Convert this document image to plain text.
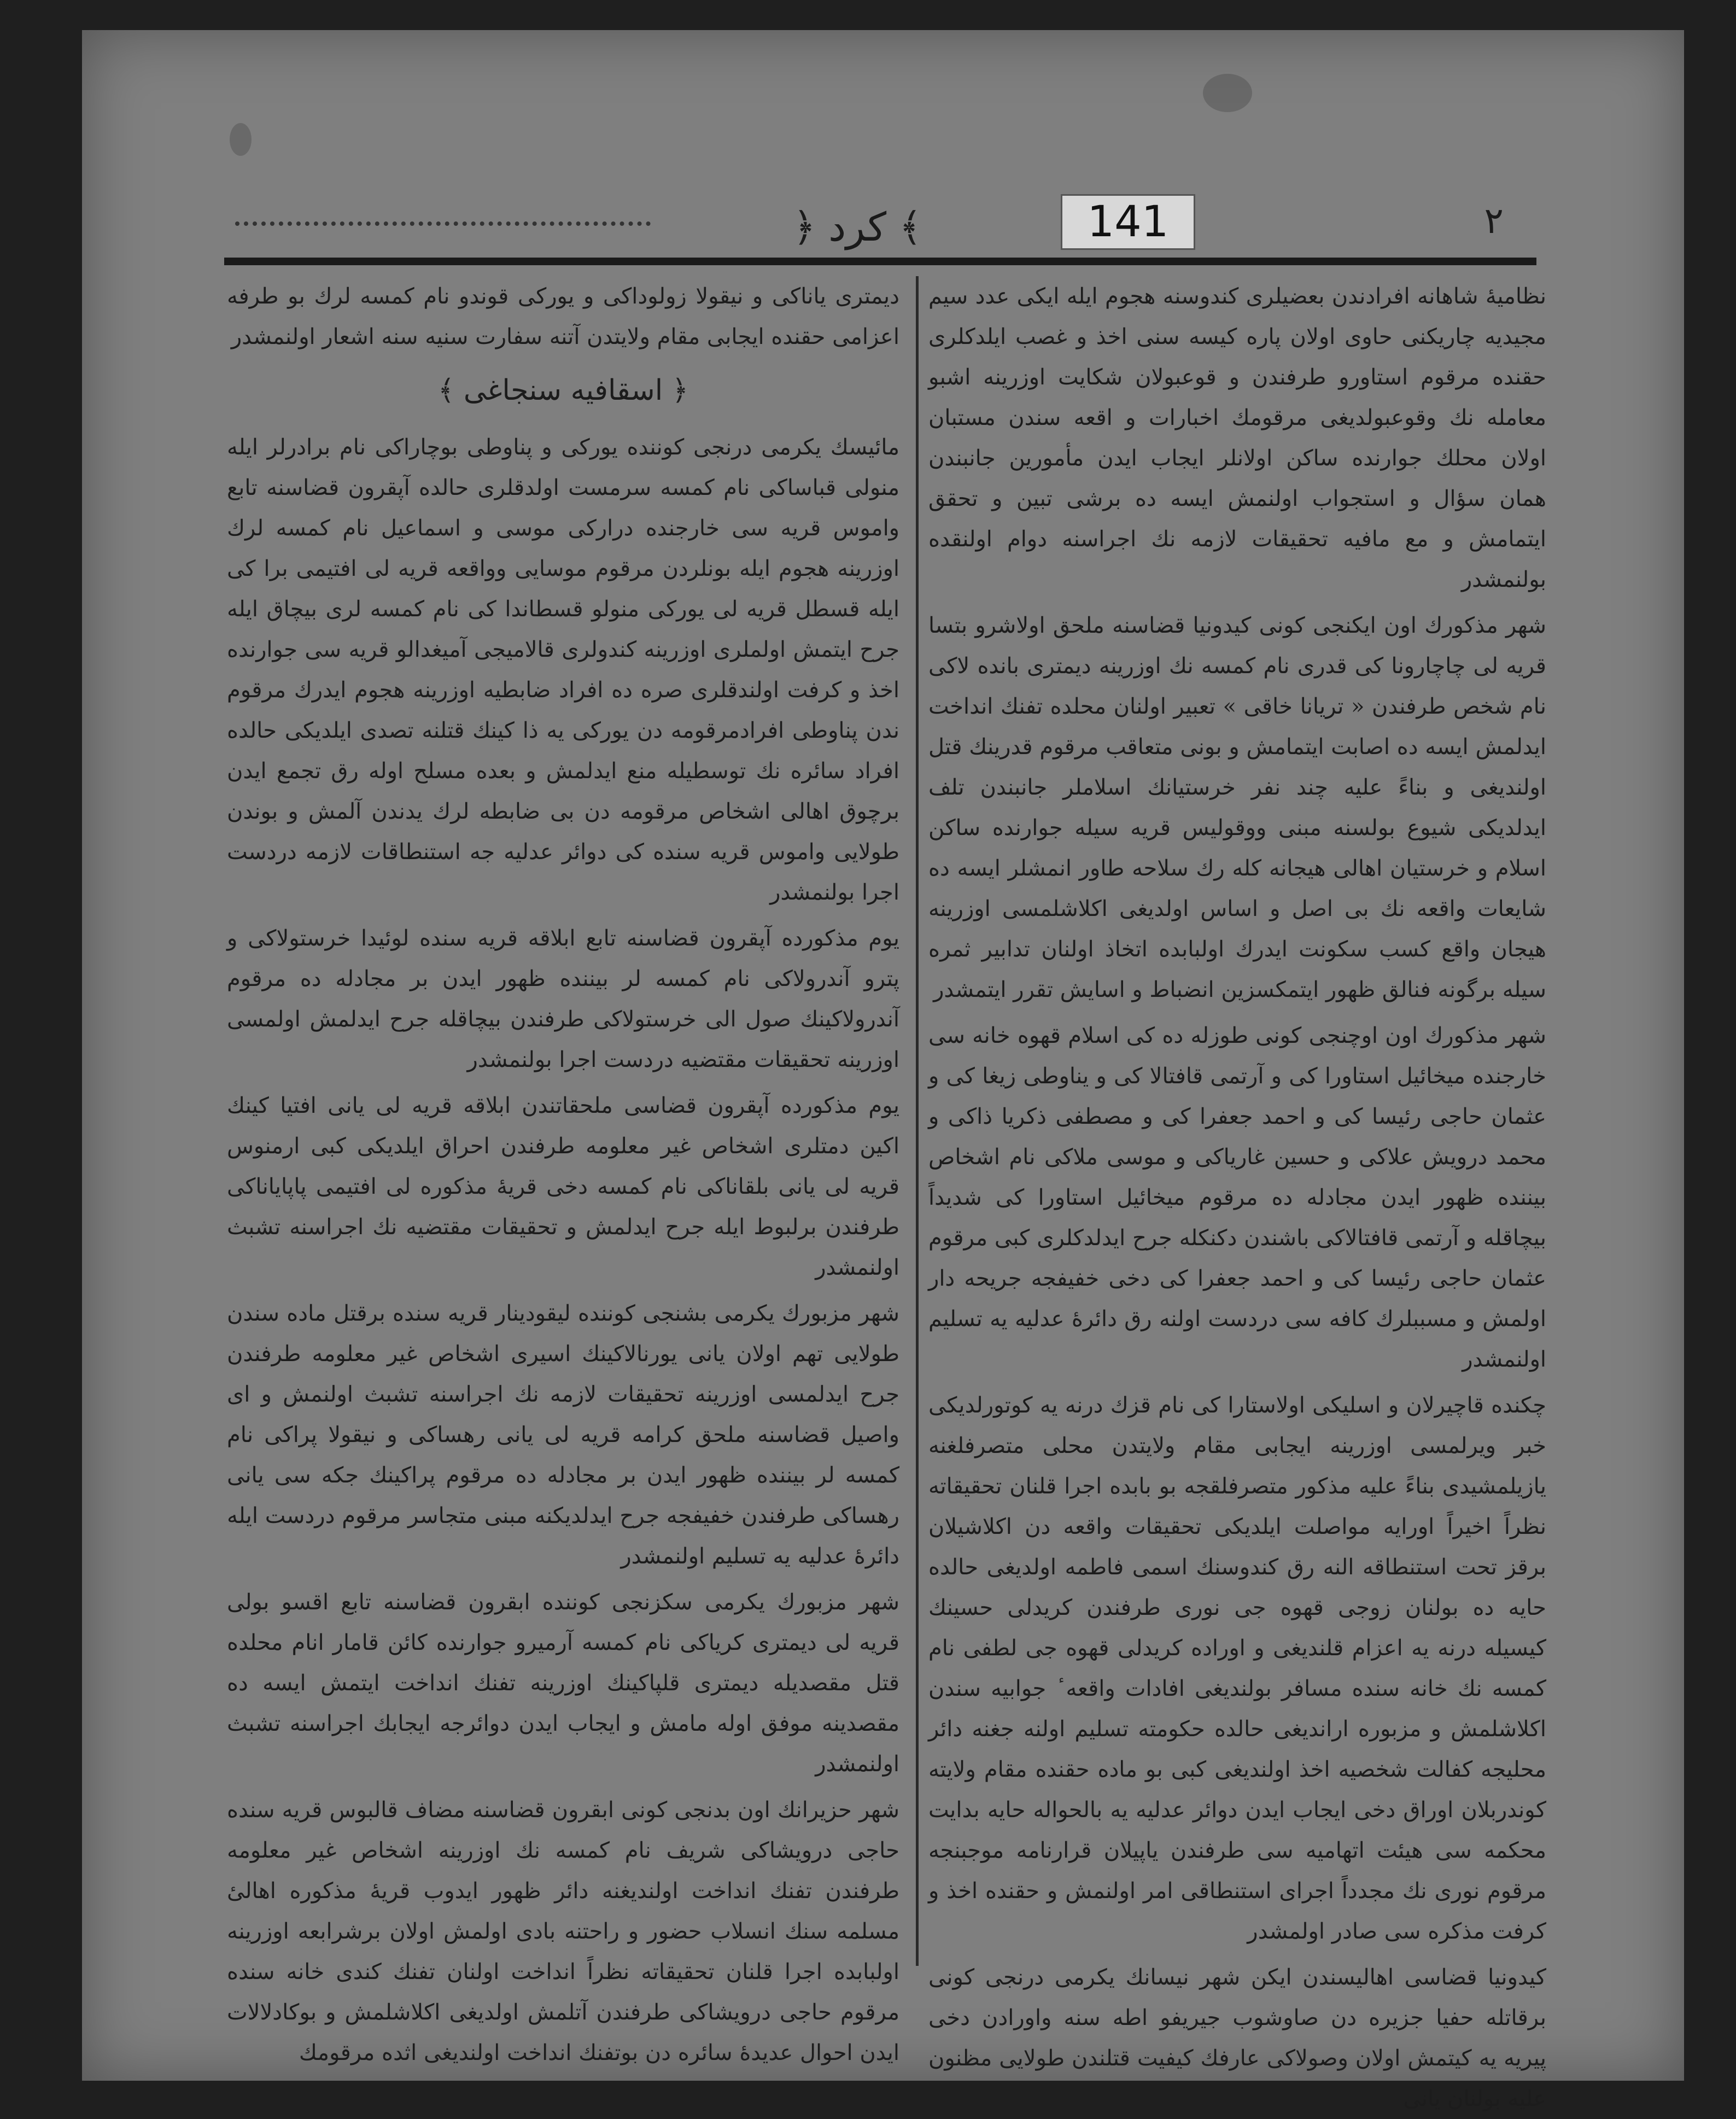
﴾ کرد ﴿	141	٢

نظامیهٔ شاهانه افرادندن بعضیلری کندوسنه هجوم ایله ایکی عدد سیم مجیدیه چاریکنی حاوی اولان پاره کیسه سنی اخذ و غصب ایلدکلری حقنده مرقوم استاورو طرفندن و قوعبولان شکایت اوزرینه اشبو معامله نك وقوعبولدیغی مرقومك اخبارات و اقعه سندن مستبان اولان محلك جوارنده ساکن اولانلر ایجاب ایدن مأمورین جانبندن همان سؤال و استجواب اولنمش ایسه ده برشی تبین و تحقق ایتمامش و مع مافیه تحقیقات لازمه نك اجراسنه دوام اولنقده بولنمشدر

شهر مذکورك اون ایکنجی کونی کیدونیا قضاسنه ملحق اولاشرو بتسا قریه لی چاچارونا کی قدری نام کمسه نك اوزرینه دیمتری بانده لاکی نام شخص طرفندن « تریانا خاقی » تعبیر اولنان محلده تفنك انداخت ایدلمش ایسه ده اصابت ایتمامش و بونی متعاقب مرقوم قدرینك قتل اولندیغی و بناءً علیه چند نفر خرستیانك اسلاملر جانبندن تلف ایدلدیکی شیوع بولسنه مبنی ووقولیس قریه سیله جوارنده ساکن اسلام و خرستیان اهالی هیجانه کله رك سلاحه طاور انمشلر ایسه ده شایعات واقعه نك بی اصل و اساس اولدیغی اکلاشلمسی اوزرینه هیجان واقع کسب سکونت ایدرك اولبابده اتخاذ اولنان تدابیر ثمره سیله برگونه فنالق ظهور ایتمکسزین انضباط و اسایش تقرر ایتمشدر

شهر مذکورك اون اوچنجی کونی طوزله ده کی اسلام قهوه خانه سی خارجنده میخائیل استاورا کی و آرتمی قافتالا کی و یناوطی زیغا کی و عثمان حاجی رئیسا کی و احمد جعفرا کی و مصطفی ذکریا ذاکی و محمد درویش علاکی و حسین غاریاکی و موسی ملاکی نام اشخاص بیننده ظهور ایدن مجادله ده مرقوم میخائیل استاورا کی شدیداً بیچاقله و آرتمی قافتالاکی باشندن دکنکله جرح ایدلدکلری کبی مرقوم عثمان حاجی رئیسا کی و احمد جعفرا کی دخی خفیفجه جریحه دار اولمش و مسببلرك کافه سی دردست اولنه رق دائرهٔ عدلیه یه تسلیم اولنمشدر

چکنده قاچیرلان و اسلیکی اولاستارا کی نام قزك درنه یه کوتورلدیکی خبر ویرلمسی اوزرینه ایجابی مقام ولایتدن محلی متصرفلغنه یازیلمشیدی بناءً علیه مذکور متصرفلقجه بو بابده اجرا قلنان تحقیقاته نظراً اخیراً اورایه مواصلت ایلدیکی تحقیقات واقعه دن اکلاشیلان برقز تحت استنطاقه النه رق کندوسنك اسمی فاطمه اولدیغی حالده حایه ده بولنان زوجی قهوه جی نوری طرفندن کریدلی حسینك کیسیله درنه یه اعزام قلندیغی و اوراده کریدلی قهوه جی لطفی نام کمسه نك خانه سنده مسافر بولندیغی افادات واقعه ٔ جوابیه سندن اکلاشلمش و مزبوره اراندیغی حالده حکومته تسلیم اولنه جغنه دائر محلیجه کفالت شخصیه اخذ اولندیغی کبی بو ماده حقنده مقام ولایته کوندربلان اوراق دخی ایجاب ایدن دوائر عدلیه یه بالحواله حایه بدایت محکمه سی هیئت اتهامیه سی طرفندن یاپیلان قرارنامه موجبنجه مرقوم نوری نك مجدداً اجرای استنطاقی امر اولنمش و حقنده اخذ و کرفت مذکره سی صادر اولمشدر

کیدونیا قضاسی اهالیسندن ایکن شهر نیسانك یکرمی درنجی کونی برقاتله حفیا جزیره دن صاوشوب جیریفو اطه سنه واورادن دخی پیریه یه کیتمش اولان وصولاکی عارفك کیفیت قتلندن طولایی مظنون علیه بولنان یانی

دیمتری یاناکی و نیقولا زولوداکی و یورکی قوندو نام کمسه لرك بو طرفه اعزامی حقنده ایجابی مقام ولایتدن آتنه سفارت سنیه سنه اشعار اولنمشدر

﴿ اسقافیه سنجاغی ﴾

مائیسك یکرمی درنجی کوننده یورکی و پناوطی بوچاراکی نام برادرلر ایله منولی قباساکی نام کمسه سرمست اولدقلری حالده آپقرون قضاسنه تابع واموس قریه سی خارجنده درارکی موسی و اسماعیل نام کمسه لرك اوزرینه هجوم ایله بونلردن مرقوم موسایی وواقعه قریه لی افتیمی برا کی ایله قسطل قریه لی یورکی منولو قسطاندا کی نام کمسه لری بیچاق ایله جرح ایتمش اولملری اوزرینه کندولری قالامیجی آمیغدالو قریه سی جوارنده اخذ و کرفت اولندقلری صره ده افراد ضابطیه اوزرینه هجوم ایدرك مرقوم ندن پناوطی افرادمرقومه دن یورکی یه ذا کینك قتلنه تصدی ایلدیکی حالده افراد سائره نك توسطیله منع ایدلمش و بعده مسلح اوله رق تجمع ایدن برچوق اهالی اشخاص مرقومه دن بی ضابطه لرك یدندن آلمش و بوندن طولایی واموس قریه سنده کی دوائر عدلیه جه استنطاقات لازمه دردست اجرا بولنمشدر

یوم مذکورده آپقرون قضاسنه تابع ابلاقه قریه سنده لوئیدا خرستولاکی و پترو آندرولاکی نام کمسه لر بیننده ظهور ایدن بر مجادله ده مرقوم آندرولاکینك صول الی خرستولاکی طرفندن بیچاقله جرح ایدلمش اولمسی اوزرینه تحقیقات مقتضیه دردست اجرا بولنمشدر

یوم مذکورده آپقرون قضاسی ملحقاتندن ابلاقه قریه لی یانی افتیا کینك اکین دمتلری اشخاص غیر معلومه طرفندن احراق ایلدیکی کبی ارمنوس قریه لی یانی بلقاناکی نام کمسه دخی قریهٔ مذکوره لی افتیمی پاپایاناکی طرفندن برلبوط ایله جرح ایدلمش و تحقیقات مقتضیه نك اجراسنه تشبث اولنمشدر

شهر مزبورك یکرمی بشنجی کوننده لیقودینار قریه سنده برقتل ماده سندن طولایی تهم اولان یانی یورنالاکینك اسیری اشخاص غیر معلومه طرفندن جرح ایدلمسی اوزرینه تحقیقات لازمه نك اجراسنه تشبث اولنمش و ای واصیل قضاسنه ملحق کرامه قریه لی یانی رهساکی و نیقولا پراکی نام کمسه لر بیننده ظهور ایدن بر مجادله ده مرقوم پراکینك جکه سی یانی رهساکی طرفندن خفیفجه جرح ایدلدیکنه مبنی متجاسر مرقوم دردست ایله دائرهٔ عدلیه یه تسلیم اولنمشدر

شهر مزبورك یکرمی سکزنجی کوننده ابقرون قضاسنه تابع اقسو بولی قریه لی دیمتری کریاکی نام کمسه آرمیرو جوارنده کائن قامار انام محلده قتل مقصدیله دیمتری قلپاکینك اوزرینه تفنك انداخت ایتمش ایسه ده مقصدینه موفق اوله مامش و ایجاب ایدن دوائرجه ایجابك اجراسنه تشبث اولنمشدر

شهر حزیرانك اون بدنجی کونی ابقرون قضاسنه مضاف قالبوس قریه سنده حاجی درویشاکی شریف نام کمسه نك اوزرینه اشخاص غیر معلومه طرفندن تفنك انداخت اولندیغنه دائر ظهور ایدوب قریهٔ مذکوره اهالیٔ مسلمه سنك انسلاب حضور و راحتنه بادی اولمش اولان برشرابعه اوزرینه اولبابده اجرا قلنان تحقیقاته نظراً انداخت اولنان تفنك کندی خانه سنده مرقوم حاجی درویشاکی طرفندن آتلمش اولدیغی اکلاشلمش و بوکادلالات ایدن احوال عدیدهٔ سائره دن بوتفنك انداخت اولندیغی اثده مرقومك
